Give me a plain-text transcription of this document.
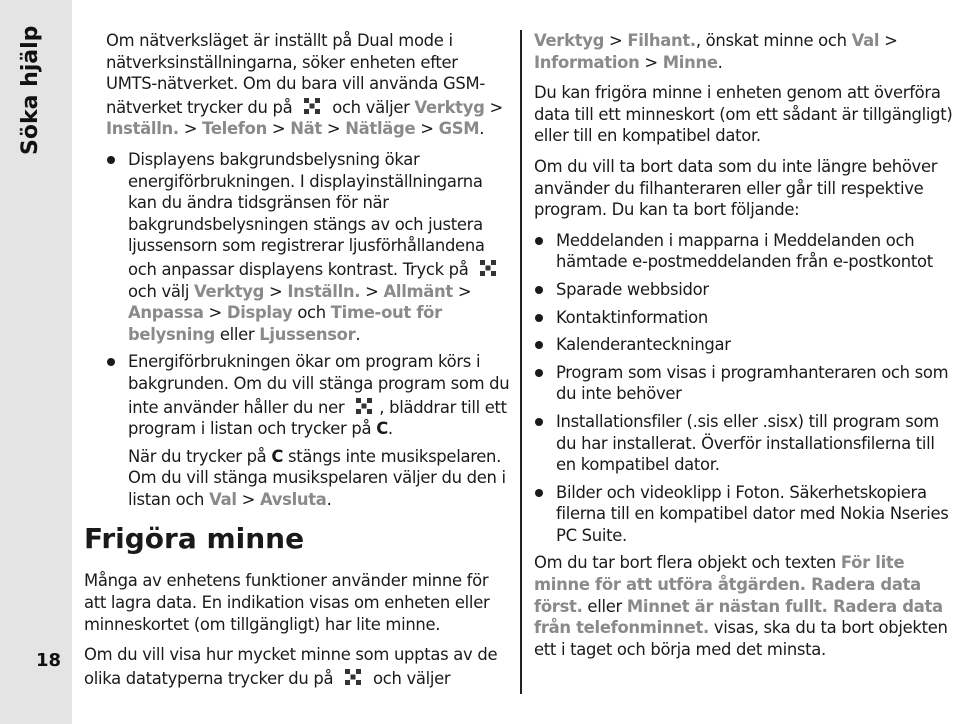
Söka hjälp
18

Om nätverksläget är inställt på Dual mode i nätverksinställningarna, söker enheten efter UMTS-nätverket. Om du bara vill använda GSM-nätverket trycker du på och väljer Verktyg > Inställn. > Telefon > Nät > Nätläge > GSM.

Displayens bakgrundsbelysning ökar energiförbrukningen. I displayinställningarna kan du ändra tidsgränsen för när bakgrundsbelysningen stängs av och justera ljussensorn som registrerar ljusförhållandena och anpassar displayens kontrast. Tryck på
och välj Verktyg > Inställn. > Allmänt > Anpassa > Display och Time-out för belysning eller Ljussensor.
Energiförbrukningen ökar om program körs i bakgrunden. Om du vill stänga program som du inte använder håller du ner , bläddrar till ett program i listan och trycker på C.

När du trycker på C stängs inte musikspelaren. Om du vill stänga musikspelaren väljer du den i listan och Val > Avsluta.

Frigöra minne

Många av enhetens funktioner använder minne för att lagra data. En indikation visas om enheten eller minneskortet (om tillgängligt) har lite minne.

Om du vill visa hur mycket minne som upptas av de olika datatyperna trycker du på och väljer

Verktyg > Filhant., önskat minne och Val > Information > Minne.

Du kan frigöra minne i enheten genom att överföra data till ett minneskort (om ett sådant är tillgängligt) eller till en kompatibel dator.

Om du vill ta bort data som du inte längre behöver använder du filhanteraren eller går till respektive program. Du kan ta bort följande:

Meddelanden i mapparna i Meddelanden och hämtade e-postmeddelanden från e-postkontot
Sparade webbsidor
Kontaktinformation
Kalenderanteckningar
Program som visas i programhanteraren och som du inte behöver
Installationsfiler (.sis eller .sisx) till program som du har installerat. Överför installationsfilerna till en kompatibel dator.
Bilder och videoklipp i Foton. Säkerhetskopiera filerna till en kompatibel dator med Nokia Nseries PC Suite.

Om du tar bort flera objekt och texten För lite minne för att utföra åtgärden. Radera data först. eller Minnet är nästan fullt. Radera data från telefonminnet. visas, ska du ta bort objekten ett i taget och börja med det minsta.
